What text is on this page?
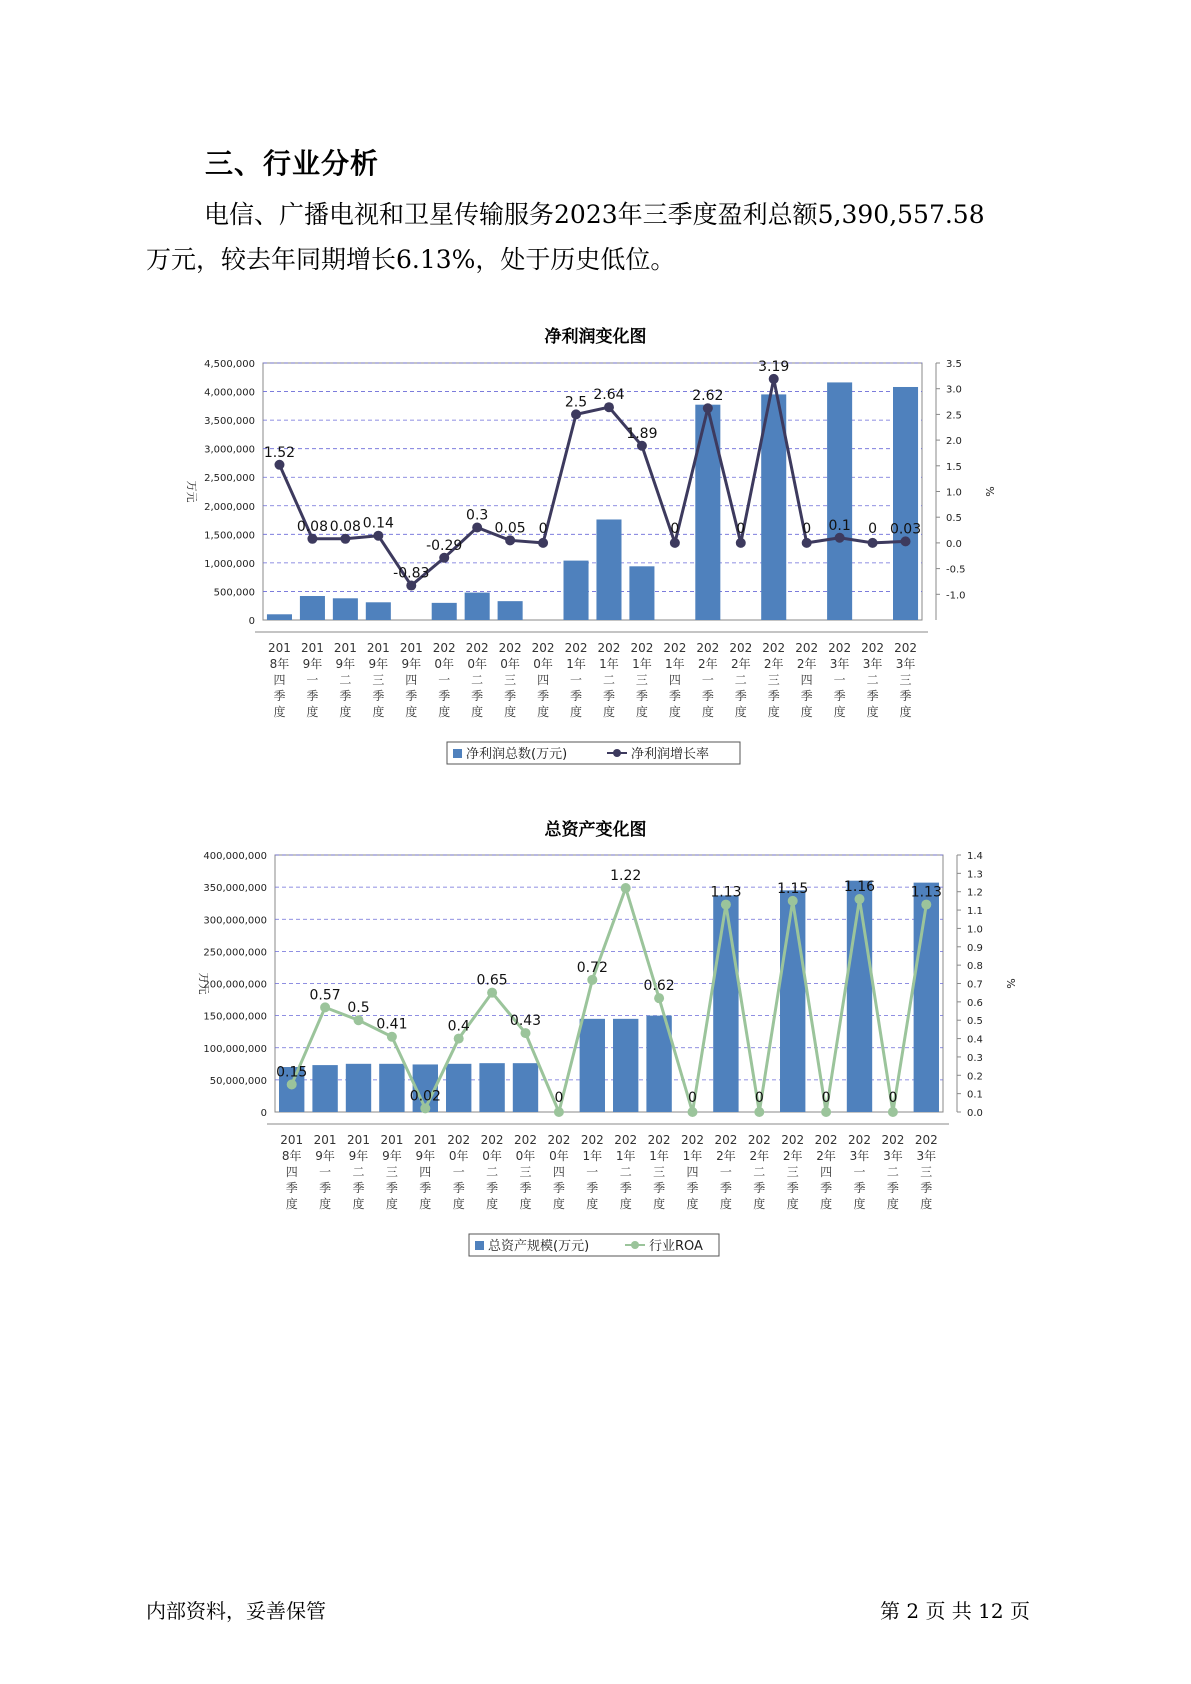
三、行业分析
电信、广播电视和卫星传输服务2023年三季度盈利总额5,390,557.58
万元，较去年同期增长6.13%，处于历史低位。
净利润变化图
0
500,000
1,000,000
1,500,000
2,000,000
2,500,000
3,000,000
3,500,000
4,000,000
4,500,000
-1.0
-0.5
0.0
0.5
1.0
1.5
2.0
2.5
3.0
3.5
万元	%
1.52
0.08 0.08 0.14
-0.83
-0.29
0.3
0.05 0
2.5 2.64
1.89
0
2.62
0
3.19
0 0.1 0 0.03
201
8年
四
季
度
201
9年
一
季
度
201
9年
二
季
度
201
9年
三
季
度
201
9年
四
季
度
202
0年
一
季
度
202
0年
二
季
度
202
0年
三
季
度
202
0年
四
季
度
202
1年
一
季
度
202
1年
二
季
度
202
1年
三
季
度
202
1年
四
季
度
202
2年
一
季
度
202
2年
二
季
度
202
2年
三
季
度
202
2年
四
季
度
202
3年
一
季
度
202
3年
二
季
度
202
3年
三
季
度
净利润总数(万元)	净利润增长率
总资产变化图
0
50,000,000
100,000,000
150,000,000
200,000,000
250,000,000
300,000,000
350,000,000
400,000,000
0.0
0.1
0.2
0.3
0.4
0.5
0.6
0.7
0.8
0.9
1.0
1.1
1.2
1.3
1.4
万元	%
0.15
0.57
0.5
0.41
0.02
0.4
0.65
0.43
0
0.72
1.22
0.62
0
1.13
0
1.15
0
1.16
0
1.13
201
8年
四
季
度
201
9年
一
季
度
201
9年
二
季
度
201
9年
三
季
度
201
9年
四
季
度
202
0年
一
季
度
202
0年
二
季
度
202
0年
三
季
度
202
0年
四
季
度
202
1年
一
季
度
202
1年
二
季
度
202
1年
三
季
度
202
1年
四
季
度
202
2年
一
季
度
202
2年
二
季
度
202
2年
三
季
度
202
2年
四
季
度
202
3年
一
季
度
202
3年
二
季
度
202
3年
三
季
度
总资产规模(万元)	行业ROA
内部资料，妥善保管	第 2 页 共 12 页
